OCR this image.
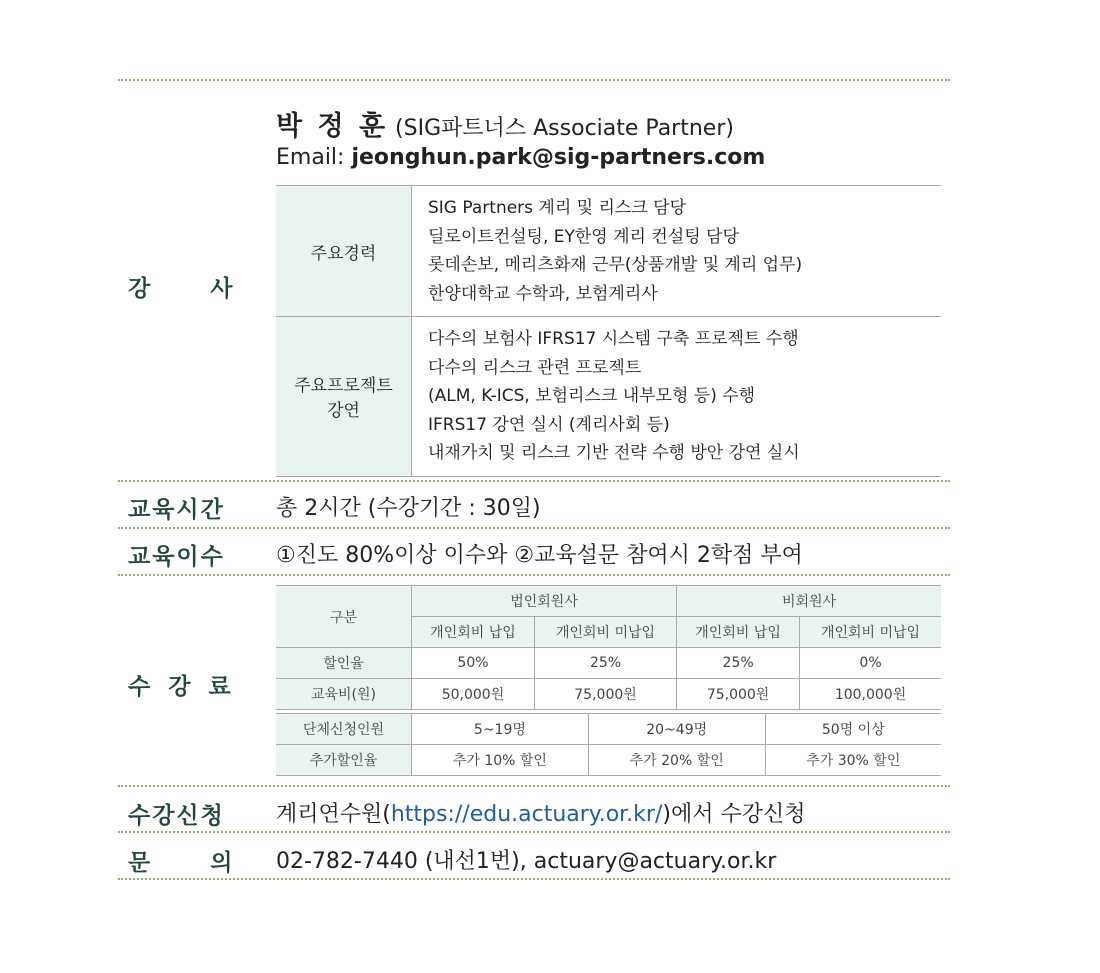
강 사
박 정 훈 (SIG파트너스 Associate Partner)
Email: jeonghun.park@sig-partners.com
주요경력	
SIG Partners 계리 및 리스크 담당
딜로이트컨설팅, EY한영 계리 컨설팅 담당
롯데손보, 메리츠화재 근무(상품개발 및 계리 업무)
한양대학교 수학과, 보험계리사

주요프로젝트
강연

다수의 보험사 IFRS17 시스템 구축 프로젝트 수행
다수의 리스크 관련 프로젝트
(ALM, K-ICS, 보험리스크 내부모형 등) 수행
IFRS17 강연 실시 (계리사회 등)
내재가치 및 리스크 기반 전략 수행 방안 강연 실시
교육시간 총 2시간 (수강기간 : 30일)
교육이수 ①진도 80%이상 이수와 ②교육설문 참여시 2학점 부여
수 강 료
구분	법인회원사	비회원사
개인회비 납입	개인회비 미납입	개인회비 납입	개인회비 미납입
할인율	50%	25%	25%	0%
교육비(원)	50,000원	75,000원	75,000원	100,000원
단체신청인원	5~19명	20~49명	50명 이상
추가할인율	추가 10% 할인	추가 20% 할인	추가 30% 할인
수강신청 계리연수원(https://edu.actuary.or.kr/)에서 수강신청
문 의 02-782-7440 (내선1번), actuary@actuary.or.kr
